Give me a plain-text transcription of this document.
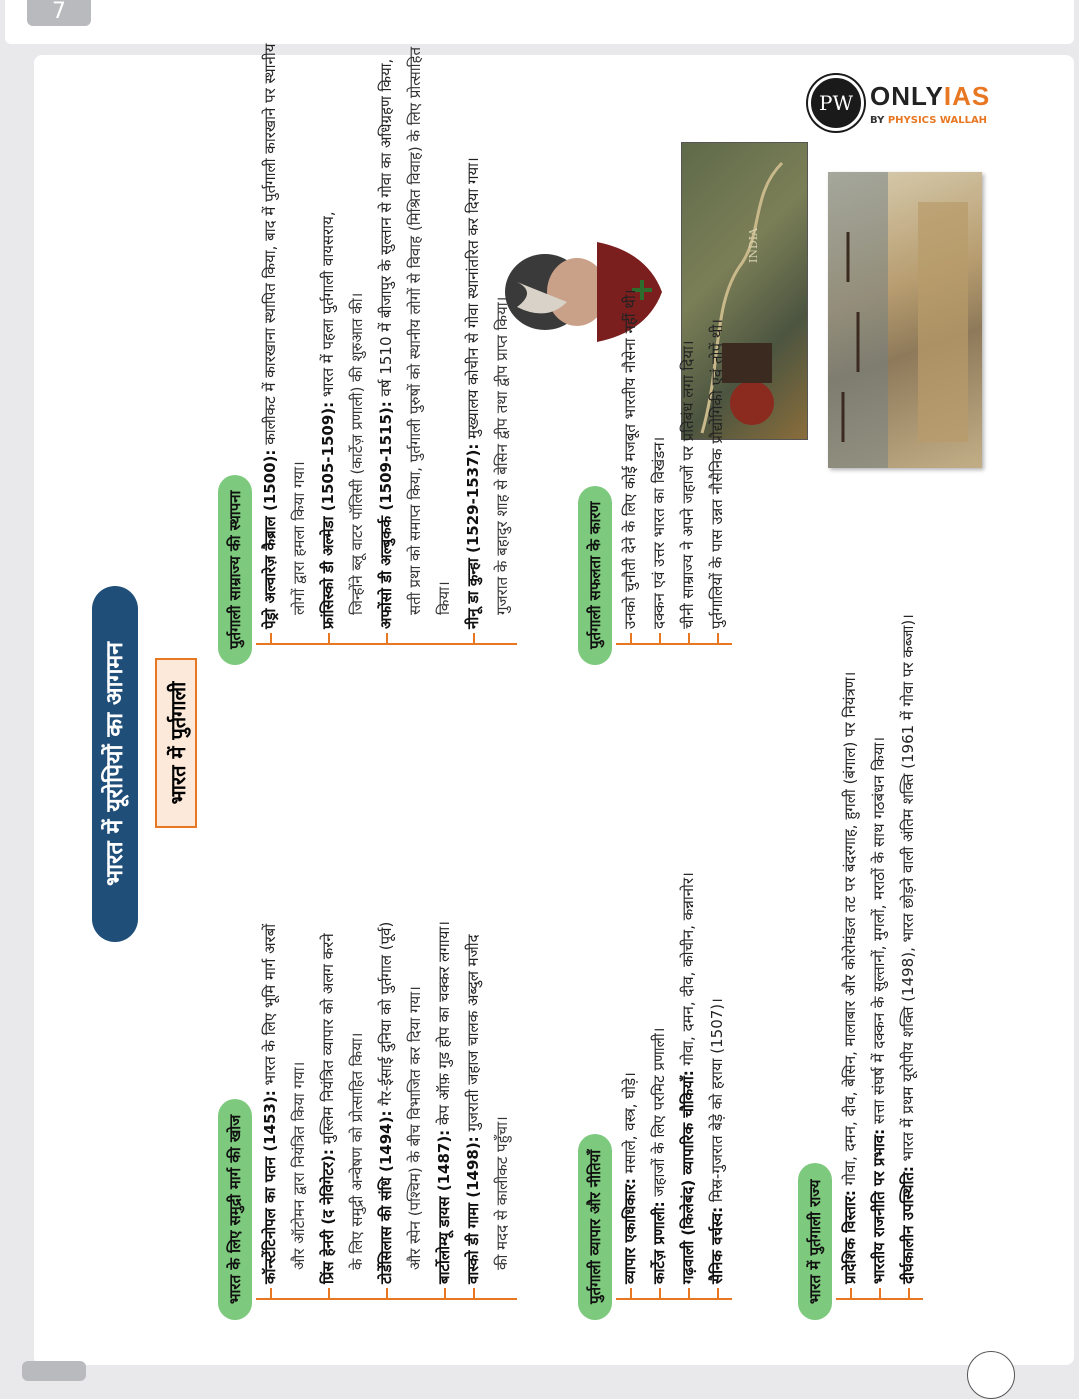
7
PW ONLYIAS
BY PHYSICS WALLAH
INDIA
भारत में यूरोपियों का आगमन	भारत में पुर्तगाली
भारत के लिए समुद्री मार्ग की खोज	कॉन्स्टेंटिनोपल का पतन (1453): भारत के लिए भूमि मार्ग अरबों
और ऑटोमन द्वारा नियंत्रित किया गया। प्रिंस हेनरी (द नेविगेटर): मुस्लिम नियंत्रित व्यापार को अलग करने के लिए समुद्री अन्वेषण को प्रोत्साहित किया। टोर्डेसिलास की संधि (1494): गैर-ईसाई दुनिया को पुर्तगाल (पूर्व) और स्पेन (पश्चिम) के बीच विभाजित कर दिया गया। बार्टोलोम्यू डायस (1487): केप ऑफ़ गुड होप का चक्कर लगाया।
वास्को डी गामा (1498): गुजराती जहाज चालक अब्दुल मजीद
की मदद से कालीकट पहुँचा।
पुर्तगाली साम्राज्य की स्थापना	पेड्रो अल्वारेज़ कैब्राल (1500): कालीकट में कारखाना स्थापित किया, बाद में पुर्तगाली कारखाने पर स्थानीय
लोगों द्वारा हमला किया गया। फ्रांसिस्को डी अल्मेडा (1505-1509): भारत में पहला पुर्तगाली वायसराय, जिन्होंने ब्लू वाटर पॉलिसी (कार्टेज़ प्रणाली) की शुरुआत की। अफोंसो डी अल्बुकर्क (1509-1515): वर्ष 1510 में बीजापुर के सुल्तान से गोवा का अधिग्रहण किया, सती प्रथा को समाप्त किया, पुर्तगाली पुरुषों को स्थानीय लोगों से विवाह (मिश्रित विवाह) के लिए प्रोत्साहित किया। नीनू डा कुन्हा (1529-1537): मुख्यालय कोचीन से गोवा स्थानांतरित कर दिया गया। गुजरात के बहादुर शाह से बेसिन द्वीप तथा द्वीप प्राप्त किया।
पुर्तगाली व्यापार और नीतियाँ	व्यापार एकाधिकार: मसाले, वस्त्र, घोड़े।
कार्टेज़ प्रणाली: जहाजों के लिए परमिट प्रणाली। गढ़वाली (किलेबंद) व्यापारिक चौकियाँ: गोवा, दमन, दीव, कोचीन, कन्नानोर।
सैनिक वर्चस्व: मिस्र-गुजरात बेड़े को हराया (1507)।
पुर्तगाली सफलता के कारण	उनको चुनौती देने के लिए कोई मजबूत भारतीय नौसेना नहीं थी। दक्कन एवं उत्तर भारत का विखंडन। चीनी साम्राज्य ने अपने जहाजों पर प्रतिबंध लगा दिया। पुर्तगालियों के पास उन्नत नौसैनिक प्रौद्योगिकी एवं तोपें थी।
भारत में पुर्तगाली राज्य	प्रादेशिक विस्तार: गोवा, दमन, दीव, बेसिन, मालाबार और कोरोमंडल तट पर बंदरगाह, हुगली (बंगाल) पर नियंत्रण।
भारतीय राजनीति पर प्रभाव: सत्ता संघर्ष में दक्कन के सुल्तानों, मुगलों, मराठों के साथ गठबंधन किया।
दीर्घकालीन उपस्थिति: भारत में प्रथम यूरोपीय शक्ति (1498), भारत छोड़ने वाली अंतिम शक्ति (1961 में गोवा पर कब्जा)।
